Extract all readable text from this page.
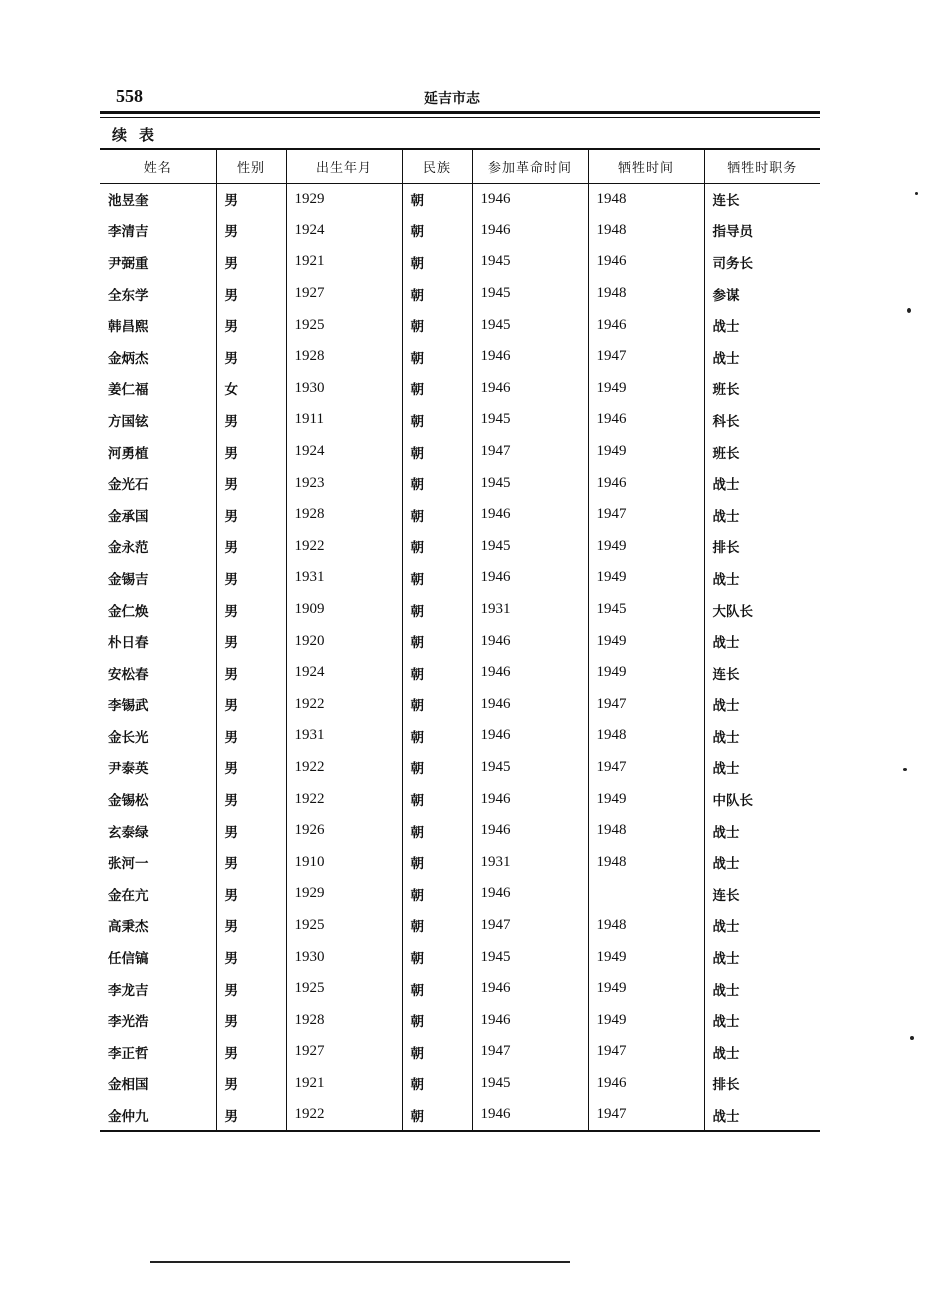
558	延吉市志
续表
姓名	性别	出生年月	民族	参加革命时间	牺牲时间	牺牲时职务
池昱奎	男	1929	朝	1946	1948	连长
李清吉	男	1924	朝	1946	1948	指导员
尹弼重	男	1921	朝	1945	1946	司务长
全东学	男	1927	朝	1945	1948	参谋
韩昌熙	男	1925	朝	1945	1946	战士
金炳杰	男	1928	朝	1946	1947	战士
姜仁福	女	1930	朝	1946	1949	班长
方国铉	男	1911	朝	1945	1946	科长
河勇植	男	1924	朝	1947	1949	班长
金光石	男	1923	朝	1945	1946	战士
金承国	男	1928	朝	1946	1947	战士
金永范	男	1922	朝	1945	1949	排长
金锡吉	男	1931	朝	1946	1949	战士
金仁焕	男	1909	朝	1931	1945	大队长
朴日春	男	1920	朝	1946	1949	战士
安松春	男	1924	朝	1946	1949	连长
李锡武	男	1922	朝	1946	1947	战士
金长光	男	1931	朝	1946	1948	战士
尹泰英	男	1922	朝	1945	1947	战士
金锡松	男	1922	朝	1946	1949	中队长
玄泰绿	男	1926	朝	1946	1948	战士
张河一	男	1910	朝	1931	1948	战士
金在亢	男	1929	朝	1946		连长
高秉杰	男	1925	朝	1947	1948	战士
任信镐	男	1930	朝	1945	1949	战士
李龙吉	男	1925	朝	1946	1949	战士
李光浩	男	1928	朝	1946	1949	战士
李正哲	男	1927	朝	1947	1947	战士
金相国	男	1921	朝	1945	1946	排长
金仲九	男	1922	朝	1946	1947	战士
